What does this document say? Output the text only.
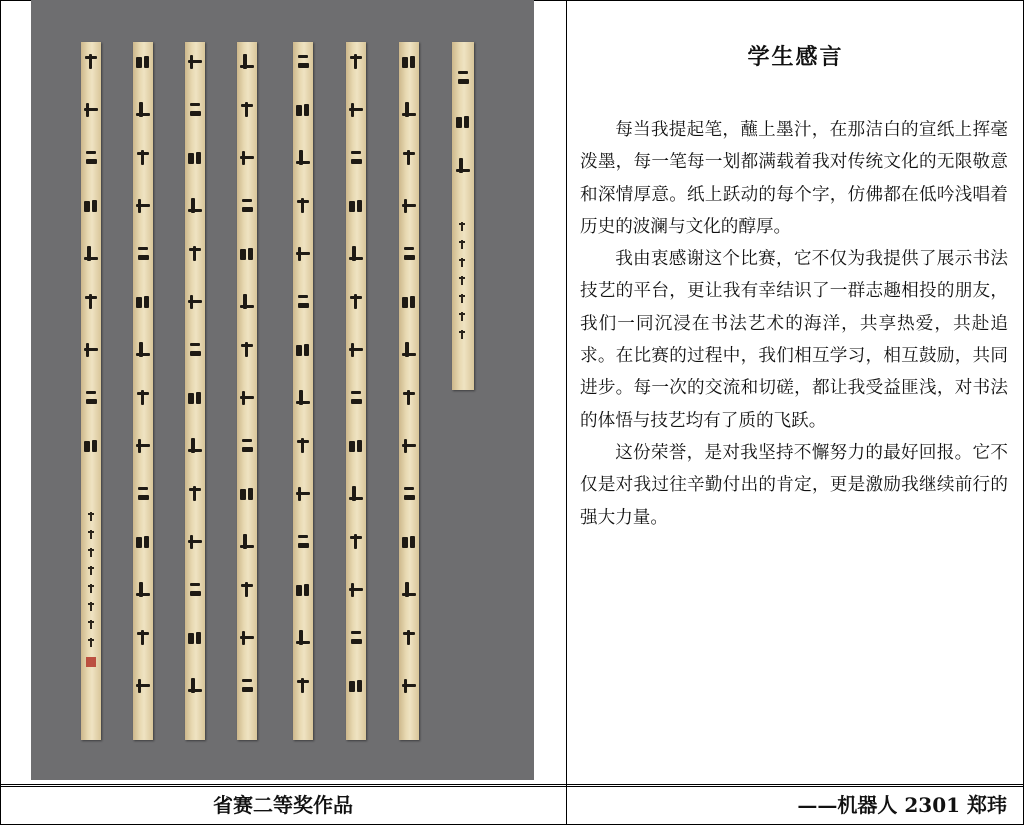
学生感言

每当我提起笔，蘸上墨汁，在那洁白的宣纸上挥毫泼墨，每一笔每一划都满载着我对传统文化的无限敬意和深情厚意。纸上跃动的每个字，仿佛都在低吟浅唱着历史的波澜与文化的醇厚。

我由衷感谢这个比赛，它不仅为我提供了展示书法技艺的平台，更让我有幸结识了一群志趣相投的朋友，我们一同沉浸在书法艺术的海洋，共享热爱，共赴追求。在比赛的过程中，我们相互学习，相互鼓励，共同进步。每一次的交流和切磋，都让我受益匪浅，对书法的体悟与技艺均有了质的飞跃。

这份荣誉，是对我坚持不懈努力的最好回报。它不仅是对我过往辛勤付出的肯定，更是激励我继续前行的强大力量。

省赛二等奖作品	——机器人 2301 郑玮
